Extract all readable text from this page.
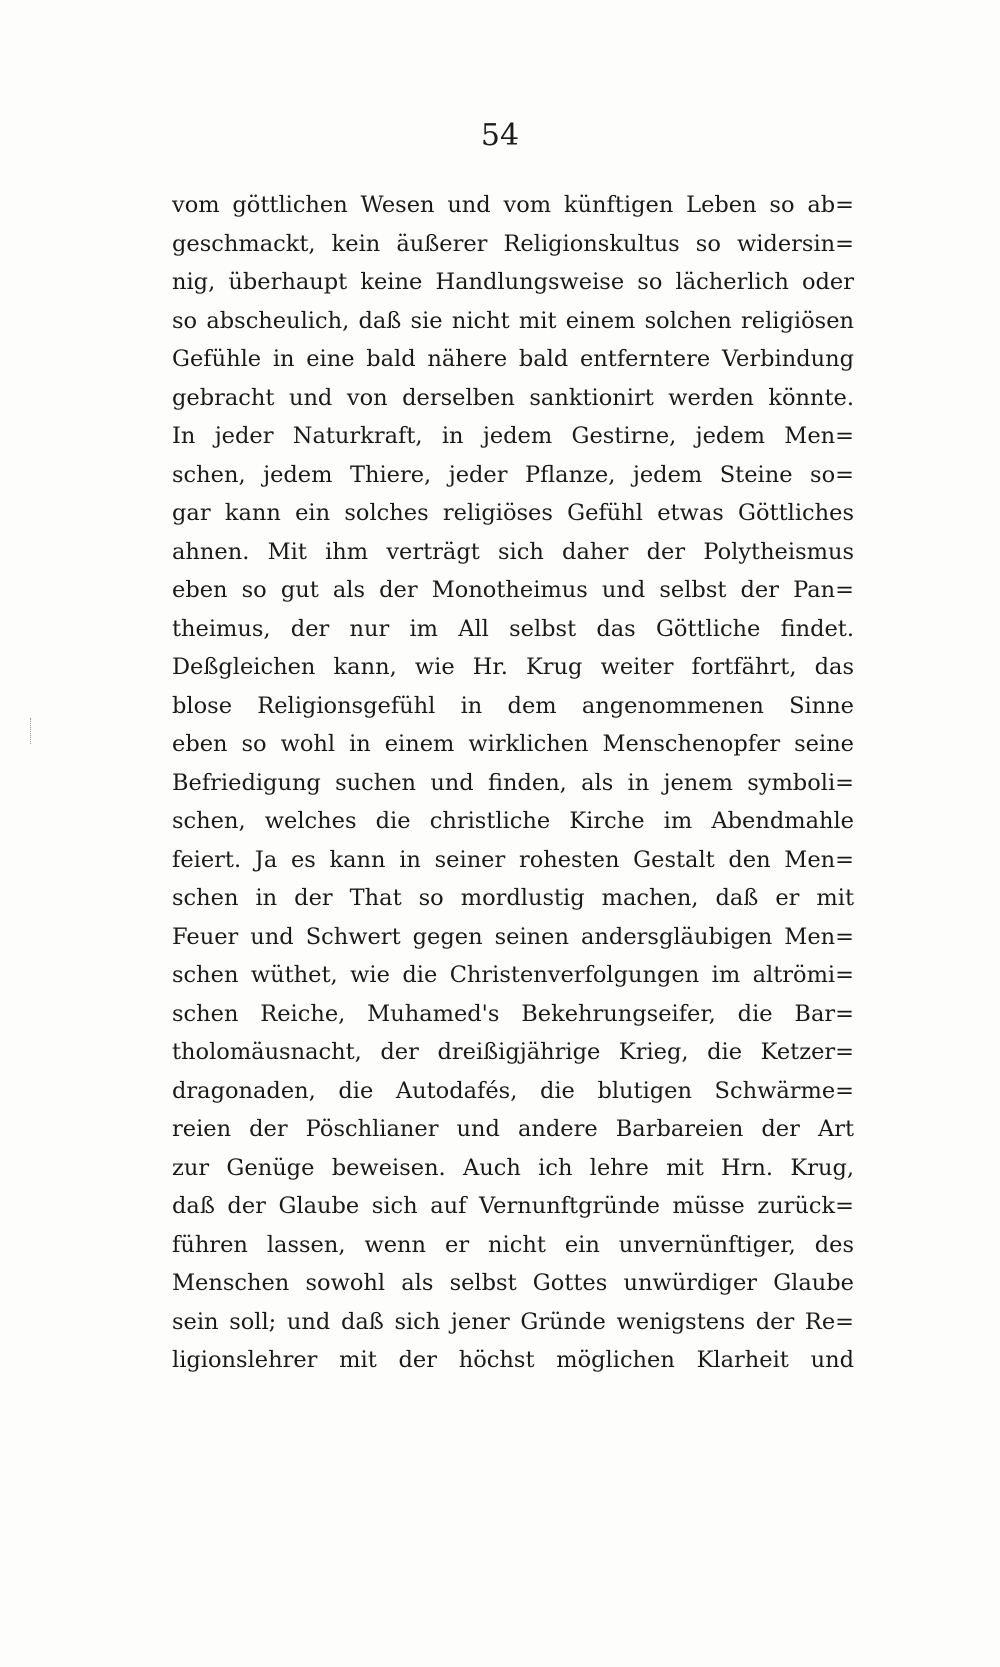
54
vom göttlichen Wesen und vom künftigen Leben so ab=
geschmackt, kein äußerer Religionskultus so widersin=
nig, überhaupt keine Handlungsweise so lächerlich oder
so abscheulich, daß sie nicht mit einem solchen religiösen
Gefühle in eine bald nähere bald entferntere Verbindung
gebracht und von derselben sanktionirt werden könnte.
In jeder Naturkraft, in jedem Gestirne, jedem Men=
schen, jedem Thiere, jeder Pflanze, jedem Steine so=
gar kann ein solches religiöses Gefühl etwas Göttliches
ahnen. Mit ihm verträgt sich daher der Polytheismus
eben so gut als der Monotheimus und selbst der Pan=
theimus, der nur im All selbst das Göttliche findet.
Deßgleichen kann, wie Hr. Krug weiter fortfährt, das
blose Religionsgefühl in dem angenommenen Sinne
eben so wohl in einem wirklichen Menschenopfer seine
Befriedigung suchen und finden, als in jenem symboli=
schen, welches die christliche Kirche im Abendmahle
feiert. Ja es kann in seiner rohesten Gestalt den Men=
schen in der That so mordlustig machen, daß er mit
Feuer und Schwert gegen seinen andersgläubigen Men=
schen wüthet, wie die Christenverfolgungen im altrömi=
schen Reiche, Muhamed's Bekehrungseifer, die Bar=
tholomäusnacht, der dreißigjährige Krieg, die Ketzer=
dragonaden, die Autodafés, die blutigen Schwärme=
reien der Pöschlianer und andere Barbareien der Art
zur Genüge beweisen. Auch ich lehre mit Hrn. Krug,
daß der Glaube sich auf Vernunftgründe müsse zurück=
führen lassen, wenn er nicht ein unvernünftiger, des
Menschen sowohl als selbst Gottes unwürdiger Glaube
sein soll; und daß sich jener Gründe wenigstens der Re=
ligionslehrer mit der höchst möglichen Klarheit und
